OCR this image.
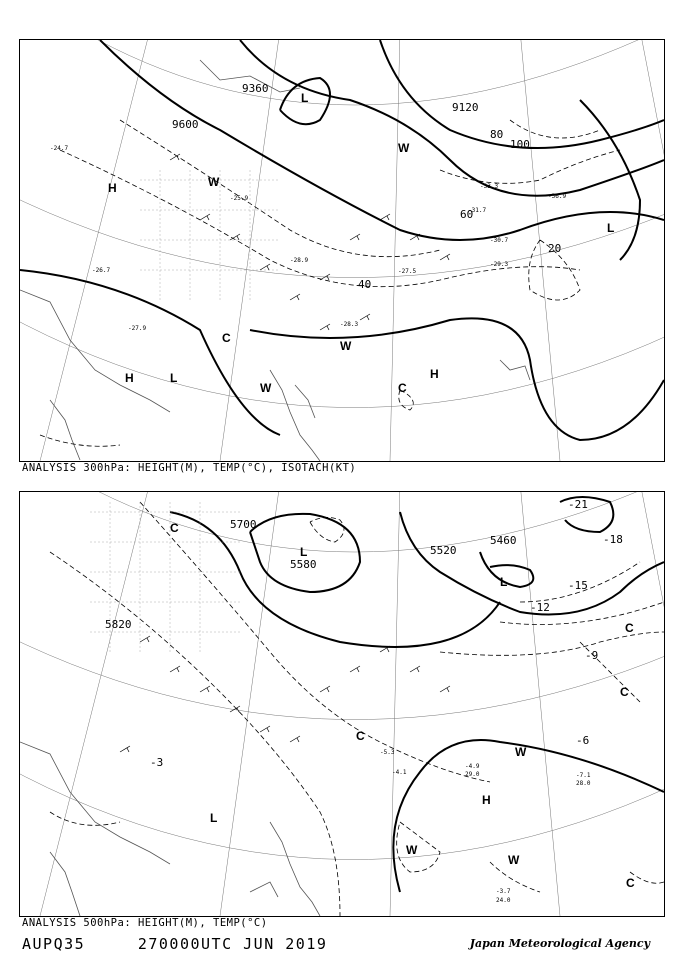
9360
9600
9120
20
40
60
80
100
-28.9
-30.7
-29.3
-27.5
-28.3
-33.3
-36.9
-31.7
-24.7
-27.9
-26.7
-25.9
L
L
L
H
H
H
W
W
W
W
C
C
ANALYSIS 300hPa: HEIGHT(M), TEMP(°C), ISOTACH(KT)
5700
5580
5820
5520
5460
-15
-12
-9
-6
-3
-18
-21
-4.9
29.0
-5.3
-3.7
24.0
-7.1
28.0
-4.1
L
L
L
H
W
W
W
C
C
C
C
C
ANALYSIS 500hPa: HEIGHT(M), TEMP(°C)
AUPQ35	270000UTC JUN 2019	Japan Meteorological Agency
